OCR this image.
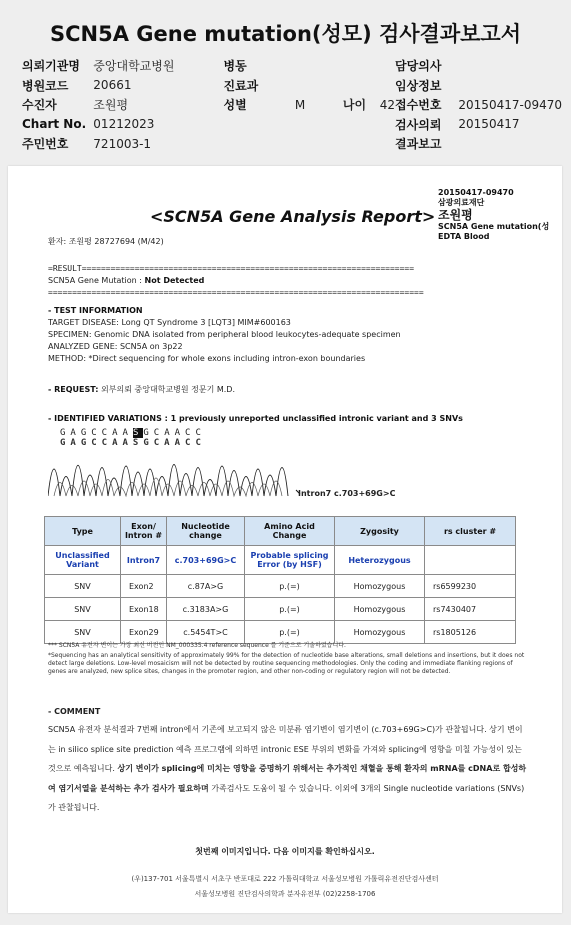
SCN5A Gene mutation(성모) 검사결과보고서
의뢰기관명	중앙대학교병원	병동		담당의사	
병원코드	20661	진료과		임상정보	
수진자	조원평	성별	M 나이 42	접수번호	20150417-09470
Chart No.	01212023			검사의뢰	20150417
주민번호	721003-1			결과보고	
20150417-09470
삼광의료재단
조원평
SCN5A Gene mutation(성
EDTA Blood
<SCN5A Gene Analysis Report>
환자: 조원평 28727694 (M/42)
=RESULT=====================================================================
SCN5A Gene Mutation : Not Detected
==============================================================================
- TEST INFORMATION
TARGET DISEASE: Long QT Syndrome 3 [LQT3] MIM#600163
SPECIMEN: Genomic DNA isolated from peripheral blood leukocytes-adequate specimen
ANALYZED GENE: SCN5A on 3p22
METHOD: *Direct sequencing for whole exons including intron-exon boundaries
- REQUEST: 외부의뢰 중앙대학교병원 정문기 M.D.
- IDENTIFIED VARIATIONS : 1 previously unreported unclassified intronic variant and 3 SNVs
GAGCCAASGCAACC
GAGCCAASGCAACC
Intron7 c.703+69G>C
Type	Exon/ Intron #	Nucleotide change	Amino Acid Change	Zygosity	rs cluster #
Unclassified Variant	Intron7	c.703+69G>C	Probable splicing Error (by HSF)	Heterozygous	
SNV	Exon2	c.87A>G	p.(=)	Homozygous	rs6599230
SNV	Exon18	c.3183A>G	p.(=)	Homozygous	rs7430407
SNV	Exon29	c.5454T>C	p.(=)	Homozygous	rs1805126
*** SCN5A 유전자 변이는 가장 최신 버전인 NM_000335.4 reference sequence 를 기준으로 기술하였습니다.
*Sequencing has an analytical sensitivity of approximately 99% for the detection of nucleotide base alterations, small deletions and insertions, but it does not detect large deletions. Low-level mosaicism will not be detected by routine sequencing methodologies. Only the coding and immediate flanking regions of genes are analyzed, new splice sites, changes in the promoter region, and other non-coding or regulatory region will not be detected.
- COMMENT

SCN5A 유전자 분석결과 7번째 intron에서 기존에 보고되지 않은 미분류 염기변이 염기변이 (c.703+69G>C)가 관찰됩니다. 상기 변이는 in silico splice site prediction 예측 프로그램에 의하면 intronic ESE 부위의 변화를 가져와 splicing에 영향을 미칠 가능성이 있는 것으로 예측됩니다. 상기 변이가 splicing에 미치는 영향을 증명하기 위해서는 추가적인 채혈을 통해 환자의 mRNA를 cDNA로 합성하여 염기서열을 분석하는 추가 검사가 필요하며 가족검사도 도움이 될 수 있습니다. 이외에 3개의 Single nucleotide variations (SNVs)가 관찰됩니다.

첫번째 이미지입니다. 다음 이미지를 확인하십시오.
(우)137-701 서울특별시 서초구 반포대로 222 가톨릭대학교 서울성모병원 가톨릭유전진단검사센터
서울성모병원 진단검사의학과 분자유전부 (02)2258-1706
